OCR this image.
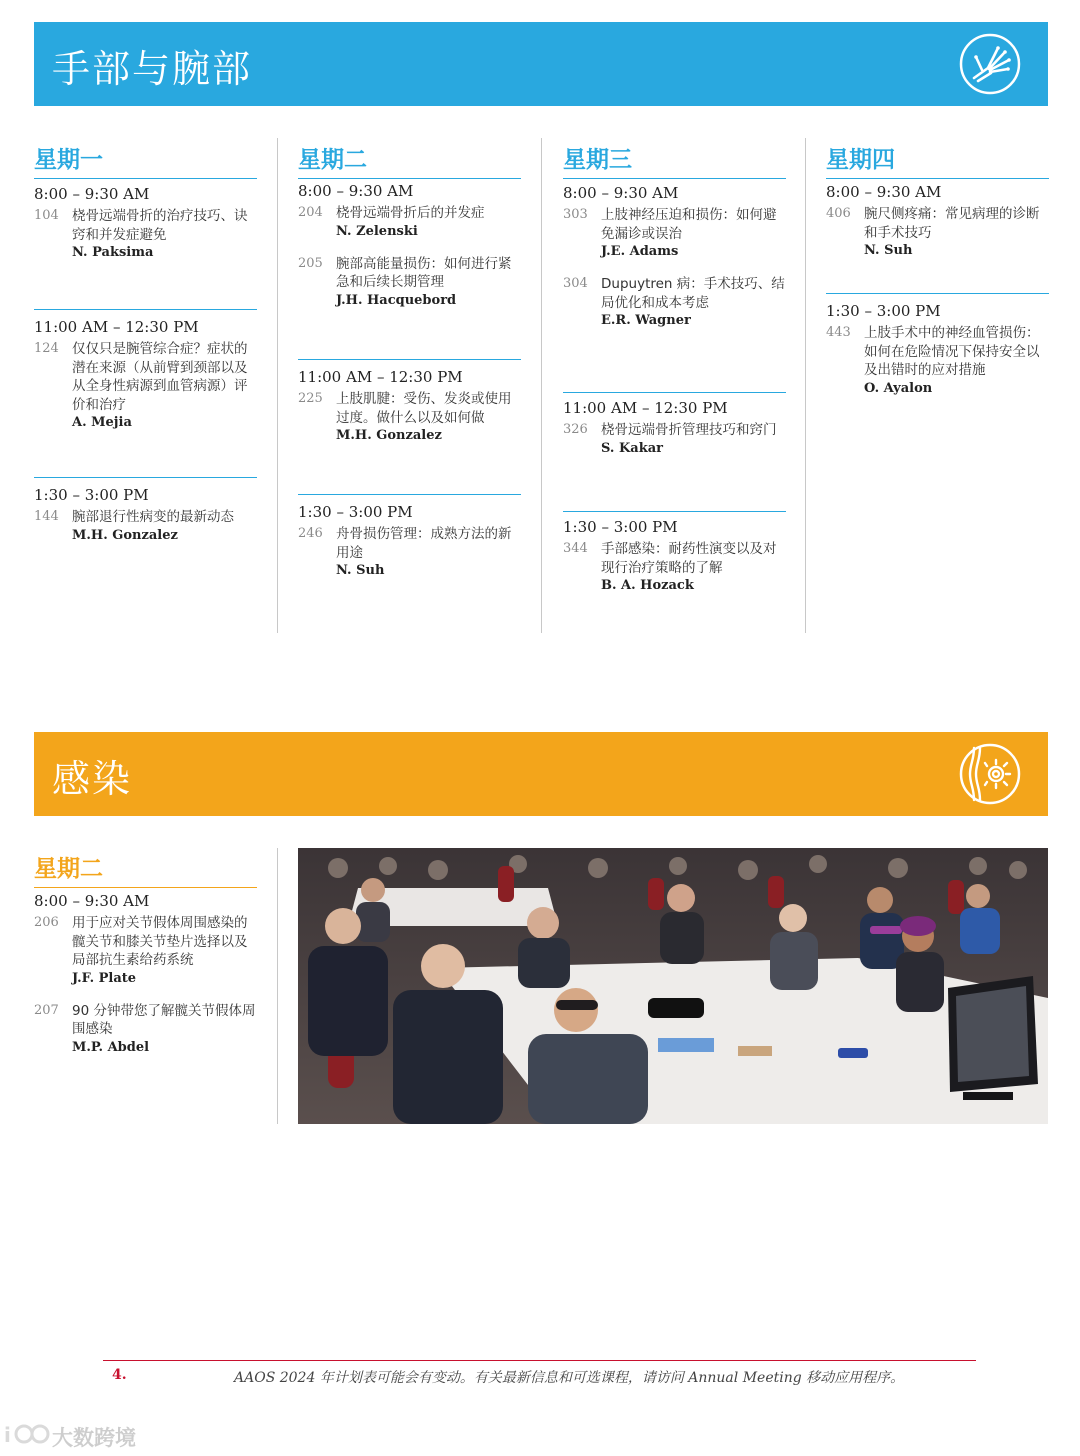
手部与腕部
星期一
8:00 – 9:30 AM
104 桡骨远端骨折的治疗技巧、诀窍和并发症避免
N. Paksima
11:00 AM – 12:30 PM
124 仅仅只是腕管综合症？症状的潜在来源（从前臂到颈部以及从全身性病源到血管病源）评价和治疗
A. Mejia
1:30 – 3:00 PM
144 腕部退行性病变的最新动态
M.H. Gonzalez
星期二
8:00 – 9:30 AM
204 桡骨远端骨折后的并发症
N. Zelenski
205 腕部高能量损伤：如何进行紧急和后续长期管理
J.H. Hacquebord
11:00 AM – 12:30 PM
225 上肢肌腱：受伤、发炎或使用过度。做什么以及如何做
M.H. Gonzalez
1:30 – 3:00 PM
246 舟骨损伤管理：成熟方法的新用途
N. Suh
星期三
8:00 – 9:30 AM
303 上肢神经压迫和损伤：如何避免漏诊或误治
J.E. Adams
304 Dupuytren 病：手术技巧、结局优化和成本考虑
E.R. Wagner
11:00 AM – 12:30 PM
326 桡骨远端骨折管理技巧和窍门
S. Kakar
1:30 – 3:00 PM
344 手部感染：耐药性演变以及对现行治疗策略的了解
B. A. Hozack
星期四
8:00 – 9:30 AM
406 腕尺侧疼痛：常见病理的诊断和手术技巧
N. Suh
1:30 – 3:00 PM
443 上肢手术中的神经血管损伤：如何在危险情况下保持安全以及出错时的应对措施
O. Ayalon
感染
星期二
8:00 – 9:30 AM
206 用于应对关节假体周围感染的髋关节和膝关节垫片选择以及局部抗生素给药系统
J.F. Plate
207 90 分钟带您了解髋关节假体周围感染
M.P. Abdel
4.	AAOS 2024 年计划表可能会有变动。有关最新信息和可选课程，请访问 Annual Meeting 移动应用程序。
i 大数跨境
